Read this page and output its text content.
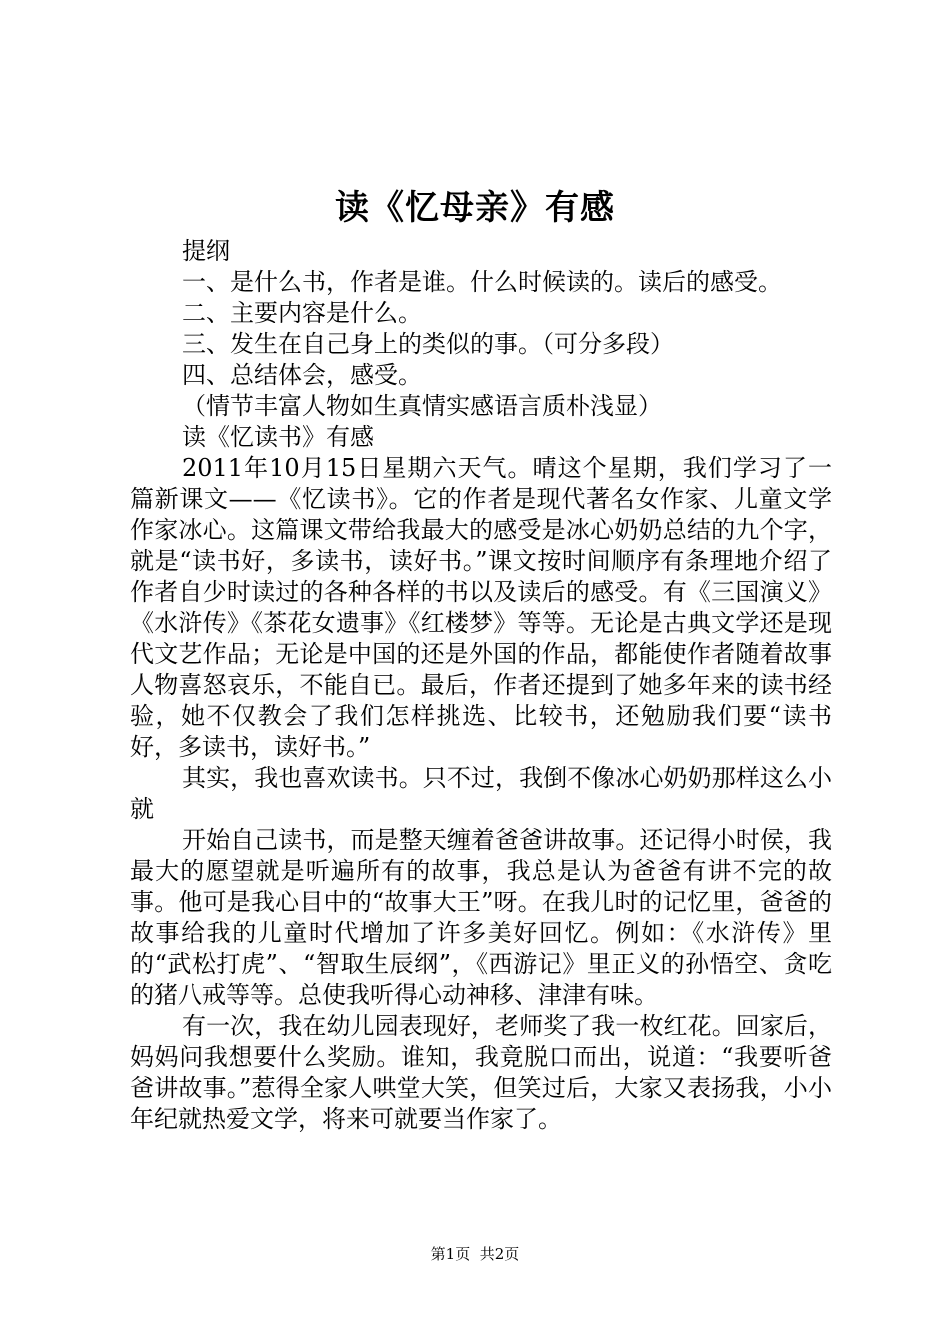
读《忆母亲》有感

提纲

一、是什么书，作者是谁。什么时候读的。读后的感受。

二、主要内容是什么。

三、发生在自己身上的类似的事。（可分多段）

四、总结体会，感受。

（情节丰富人物如生真情实感语言质朴浅显）

读《忆读书》有感

2011年10月15日星期六天气。晴这个星期，我们学习了一篇新课文——《忆读书》。它的作者是现代著名女作家、儿童文学作家冰心。这篇课文带给我最大的感受是冰心奶奶总结的九个字，就是“读书好，多读书，读好书。”课文按时间顺序有条理地介绍了作者自少时读过的各种各样的书以及读后的感受。有《三国演义》《水浒传》《茶花女遗事》《红楼梦》等等。无论是古典文学还是现代文艺作品；无论是中国的还是外国的作品，都能使作者随着故事人物喜怒哀乐，不能自已。最后，作者还提到了她多年来的读书经验，她不仅教会了我们怎样挑选、比较书，还勉励我们要“读书好，多读书，读好书。”

其实，我也喜欢读书。只不过，我倒不像冰心奶奶那样这么小就

开始自己读书，而是整天缠着爸爸讲故事。还记得小时侯，我最大的愿望就是听遍所有的故事，我总是认为爸爸有讲不完的故事。他可是我心目中的“故事大王”呀。在我儿时的记忆里，爸爸的故事给我的儿童时代增加了许多美好回忆。例如：《水浒传》里的“武松打虎”、“智取生辰纲”，《西游记》里正义的孙悟空、贪吃的猪八戒等等。总使我听得心动神移、津津有味。

有一次，我在幼儿园表现好，老师奖了我一枚红花。回家后，妈妈问我想要什么奖励。谁知，我竟脱口而出，说道：“我要听爸爸讲故事。”惹得全家人哄堂大笑，但笑过后，大家又表扬我，小小年纪就热爱文学，将来可就要当作家了。

第1页 共2页
